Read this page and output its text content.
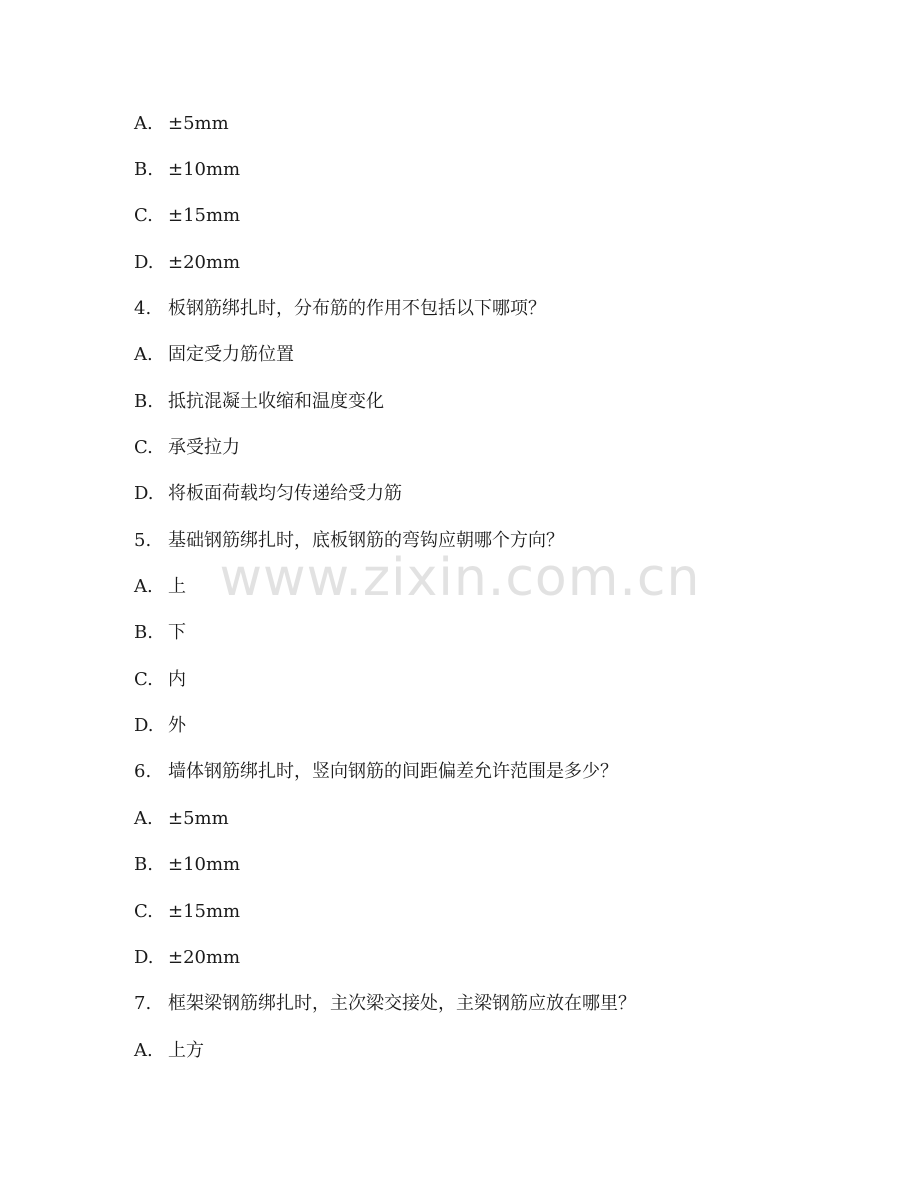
A. ±5mm
B. ±10mm
C. ±15mm
D. ±20mm
4. 板钢筋绑扎时，分布筋的作用不包括以下哪项？
A. 固定受力筋位置
B. 抵抗混凝土收缩和温度变化
C. 承受拉力
D. 将板面荷载均匀传递给受力筋
5. 基础钢筋绑扎时，底板钢筋的弯钩应朝哪个方向？
A. 上
B. 下
C. 内
D. 外
6. 墙体钢筋绑扎时，竖向钢筋的间距偏差允许范围是多少？
A. ±5mm
B. ±10mm
C. ±15mm
D. ±20mm
7. 框架梁钢筋绑扎时，主次梁交接处，主梁钢筋应放在哪里？
A. 上方
www.zixin.com.cn
